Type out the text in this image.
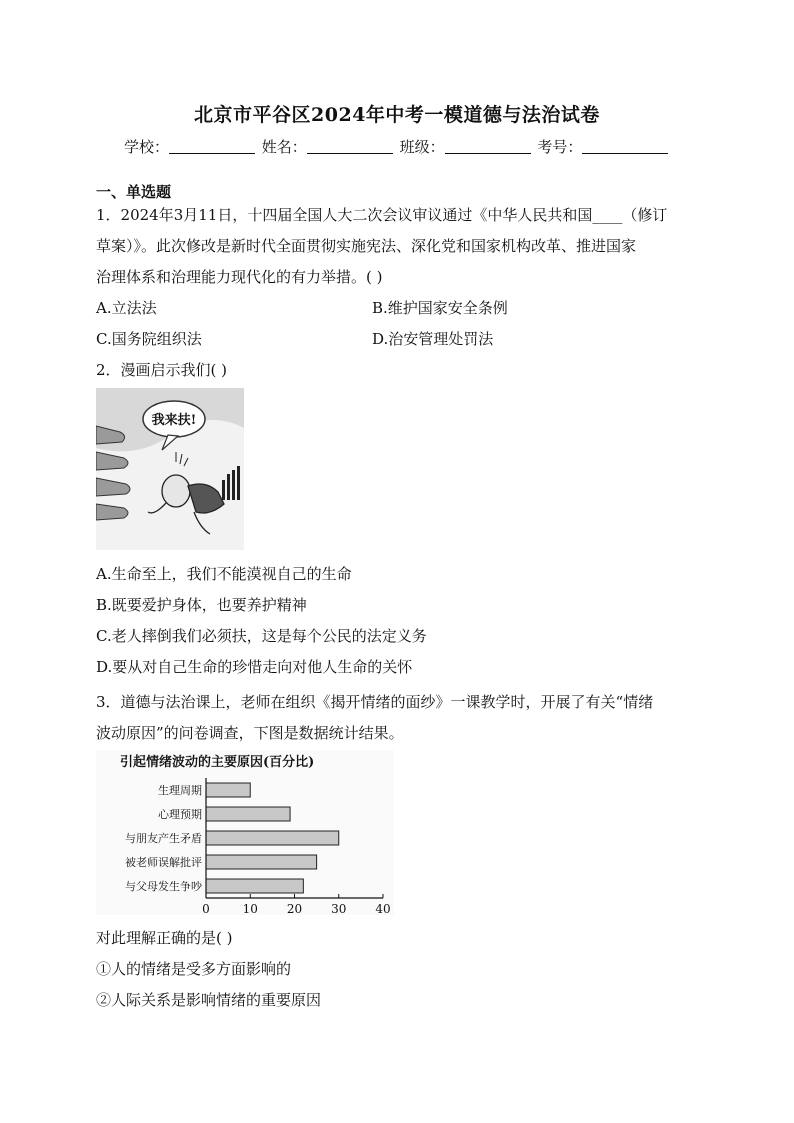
北京市平谷区2024年中考一模道德与法治试卷
学校：	姓名：	班级：	考号：
一、单选题
1．2024年3月11日，十四届全国人大二次会议审议通过《中华人民共和国____（修订
草案）》。此次修改是新时代全面贯彻实施宪法、深化党和国家机构改革、推进国家
治理体系和治理能力现代化的有力举措。( )
A.立法法	B.维护国家安全条例
C.国务院组织法	D.治安管理处罚法
2．漫画启示我们( )
我来扶!
A.生命至上，我们不能漠视自己的生命
B.既要爱护身体，也要养护精神
C.老人摔倒我们必须扶，这是每个公民的法定义务
D.要从对自己生命的珍惜走向对他人生命的关怀
3．道德与法治课上，老师在组织《揭开情绪的面纱》一课教学时，开展了有关“情绪
波动原因”的问卷调查，下图是数据统计结果。
引起情绪波动的主要原因(百分比)
生理周期
心理预期
与朋友产生矛盾
被老师误解批评
与父母发生争吵
0	10 20 30 40
对此理解正确的是( )
①人的情绪是受多方面影响的
②人际关系是影响情绪的重要原因
